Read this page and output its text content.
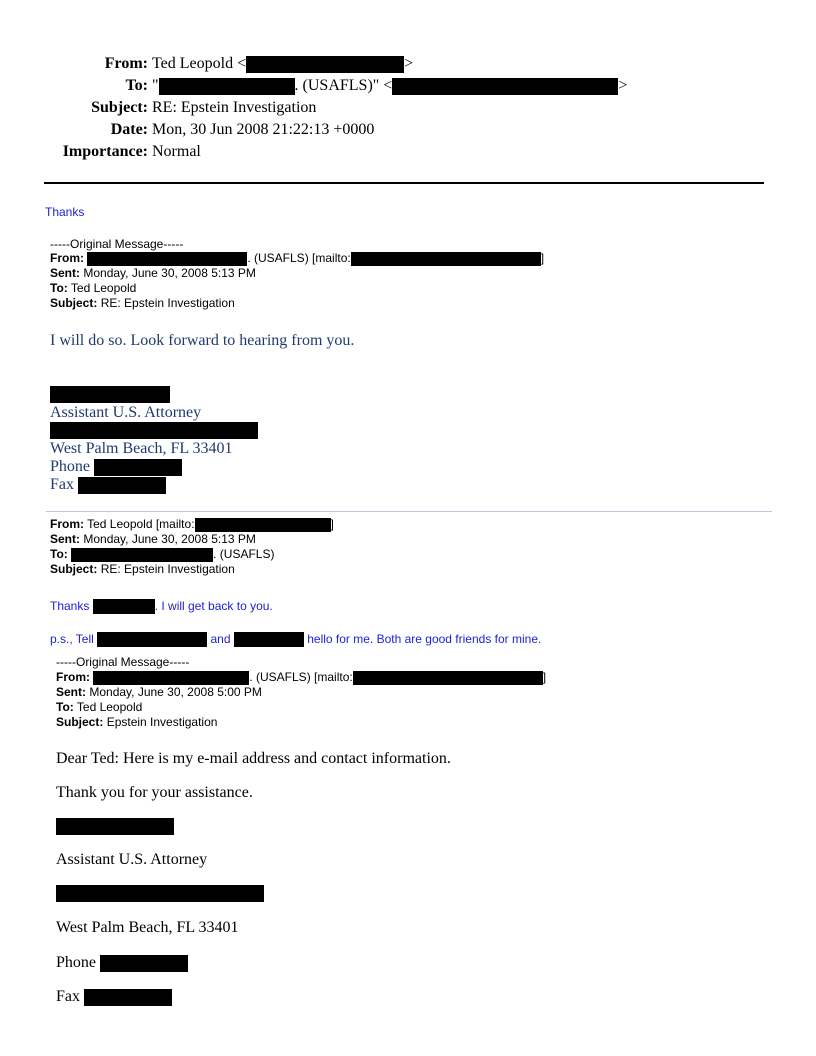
From: Ted Leopold <	>
To: "	. (USAFLS)" <	>
Subject: RE: Epstein Investigation
Date: Mon, 30 Jun 2008 21:22:13 +0000
Importance: Normal
Thanks
-----Original Message-----
From:	. (USAFLS) [mailto:	]
Sent: Monday, June 30, 2008 5:13 PM
To: Ted Leopold
Subject: RE: Epstein Investigation
I will do so. Look forward to hearing from you.
Assistant U.S. Attorney
West Palm Beach, FL 33401
Phone
Fax
From: Ted Leopold [mailto:	]
Sent: Monday, June 30, 2008 5:13 PM
To:	. (USAFLS)
Subject: RE: Epstein Investigation
Thanks	. I will get back to you.
p.s., Tell	and	hello for me. Both are good friends for mine.
-----Original Message-----
From:	. (USAFLS) [mailto:	]
Sent: Monday, June 30, 2008 5:00 PM
To: Ted Leopold
Subject: Epstein Investigation
Dear Ted: Here is my e-mail address and contact information.
Thank you for your assistance.
Assistant U.S. Attorney
West Palm Beach, FL 33401
Phone
Fax
